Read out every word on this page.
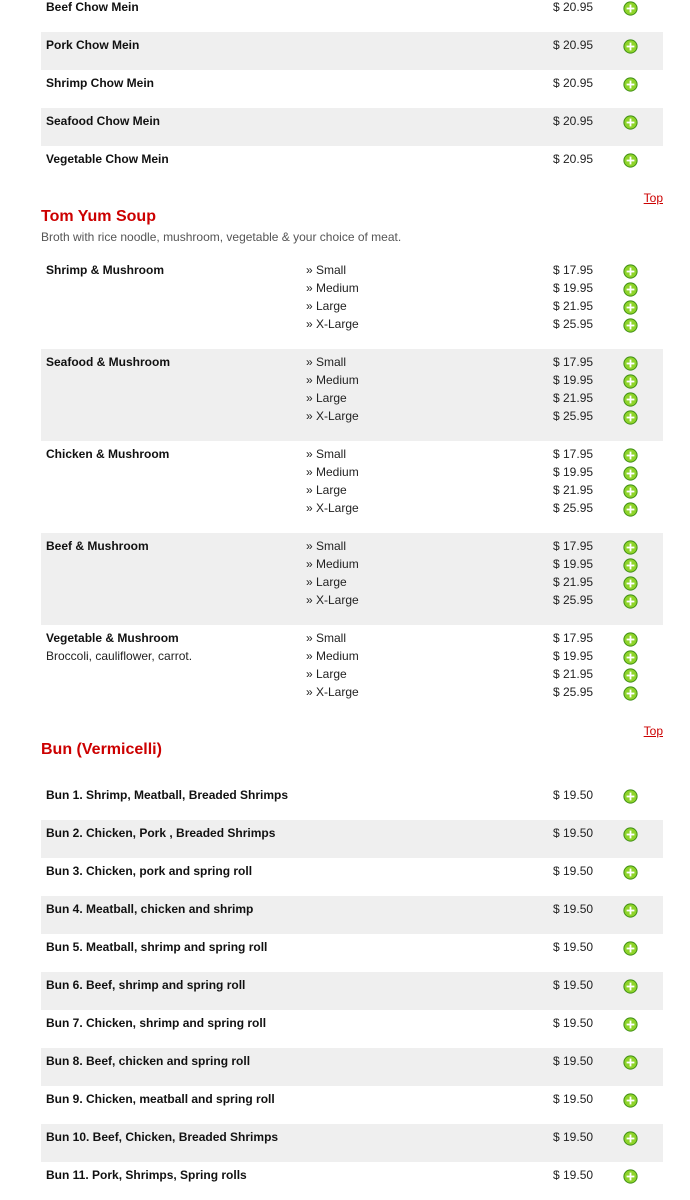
Beef Chow Mein	$ 20.95
Pork Chow Mein	$ 20.95
Shrimp Chow Mein	$ 20.95
Seafood Chow Mein	$ 20.95
Vegetable Chow Mein	$ 20.95
Top
Tom Yum Soup
Broth with rice noodle, mushroom, vegetable & your choice of meat.
Shrimp & Mushroom	» Small	$ 17.95
» Medium	$ 19.95
» Large	$ 21.95
» X-Large	$ 25.95
Seafood & Mushroom	» Small	$ 17.95
» Medium	$ 19.95
» Large	$ 21.95
» X-Large	$ 25.95
Chicken & Mushroom	» Small	$ 17.95
» Medium	$ 19.95
» Large	$ 21.95
» X-Large	$ 25.95
Beef & Mushroom	» Small	$ 17.95
» Medium	$ 19.95
» Large	$ 21.95
» X-Large	$ 25.95
Vegetable & Mushroom
Broccoli, cauliflower, carrot.
» Small	$ 17.95
» Medium	$ 19.95
» Large	$ 21.95
» X-Large	$ 25.95
Top
Bun (Vermicelli)
Bun 1. Shrimp, Meatball, Breaded Shrimps	$ 19.50
Bun 2. Chicken, Pork , Breaded Shrimps	$ 19.50
Bun 3. Chicken, pork and spring roll	$ 19.50
Bun 4. Meatball, chicken and shrimp	$ 19.50
Bun 5. Meatball, shrimp and spring roll	$ 19.50
Bun 6. Beef, shrimp and spring roll	$ 19.50
Bun 7. Chicken, shrimp and spring roll	$ 19.50
Bun 8. Beef, chicken and spring roll	$ 19.50
Bun 9. Chicken, meatball and spring roll	$ 19.50
Bun 10. Beef, Chicken, Breaded Shrimps	$ 19.50
Bun 11. Pork, Shrimps, Spring rolls	$ 19.50
